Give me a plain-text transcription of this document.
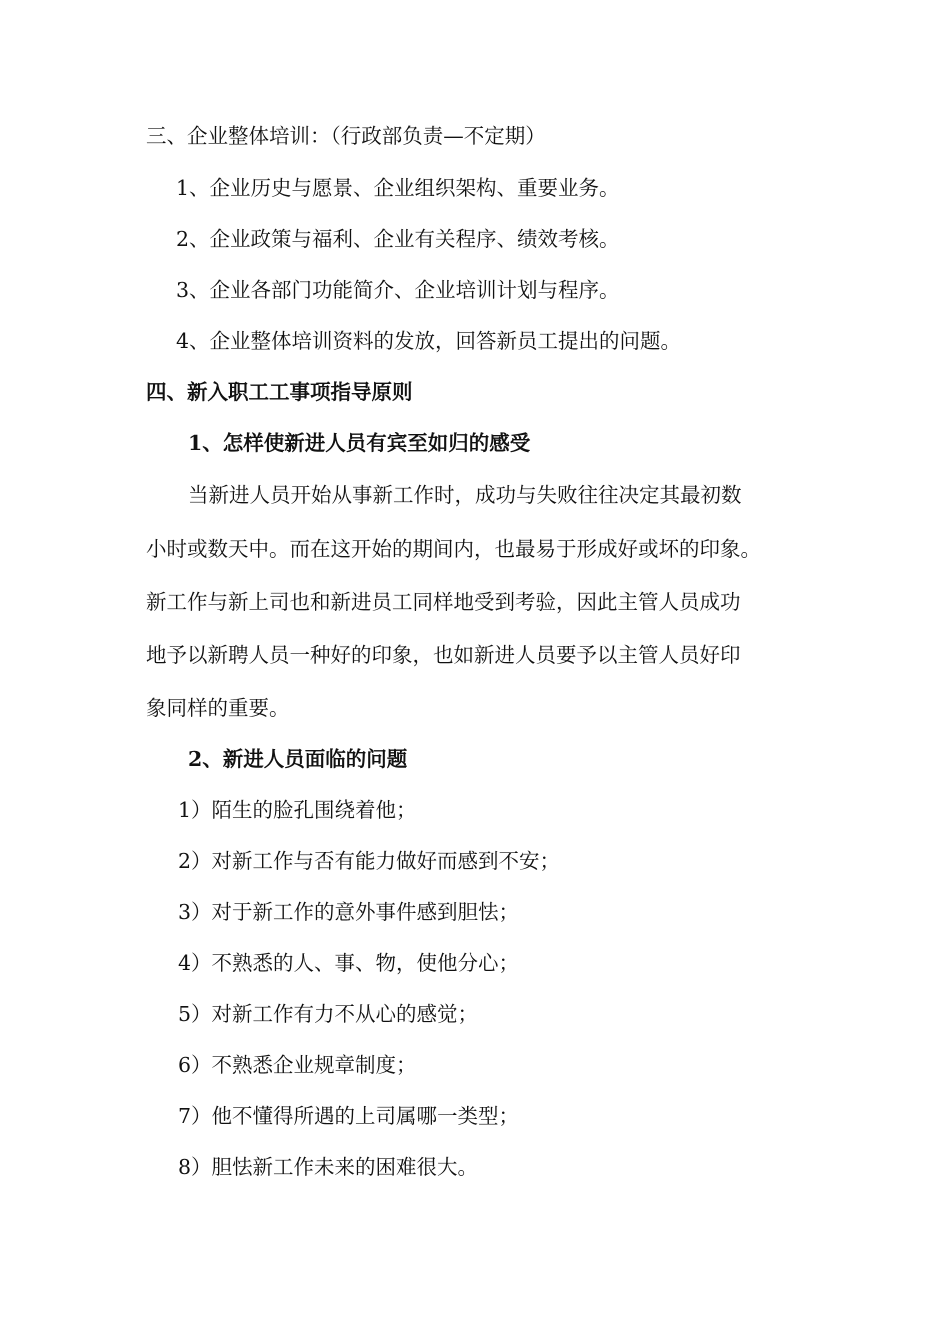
三、企业整体培训：（行政部负责—不定期）
1、企业历史与愿景、企业组织架构、重要业务。
2、企业政策与福利、企业有关程序、绩效考核。
3、企业各部门功能简介、企业培训计划与程序。
4、企业整体培训资料的发放，回答新员工提出的问题。
四、新入职工工事项指导原则
1、怎样使新进人员有宾至如归的感受
当新进人员开始从事新工作时，成功与失败往往决定其最初数
小时或数天中。而在这开始的期间内，也最易于形成好或坏的印象。
新工作与新上司也和新进员工同样地受到考验，因此主管人员成功
地予以新聘人员一种好的印象，也如新进人员要予以主管人员好印
象同样的重要。
2、新进人员面临的问题
1）陌生的脸孔围绕着他；
2）对新工作与否有能力做好而感到不安；
3）对于新工作的意外事件感到胆怯；
4）不熟悉的人、事、物，使他分心；
5）对新工作有力不从心的感觉；
6）不熟悉企业规章制度；
7）他不懂得所遇的上司属哪一类型；
8）胆怯新工作未来的困难很大。
